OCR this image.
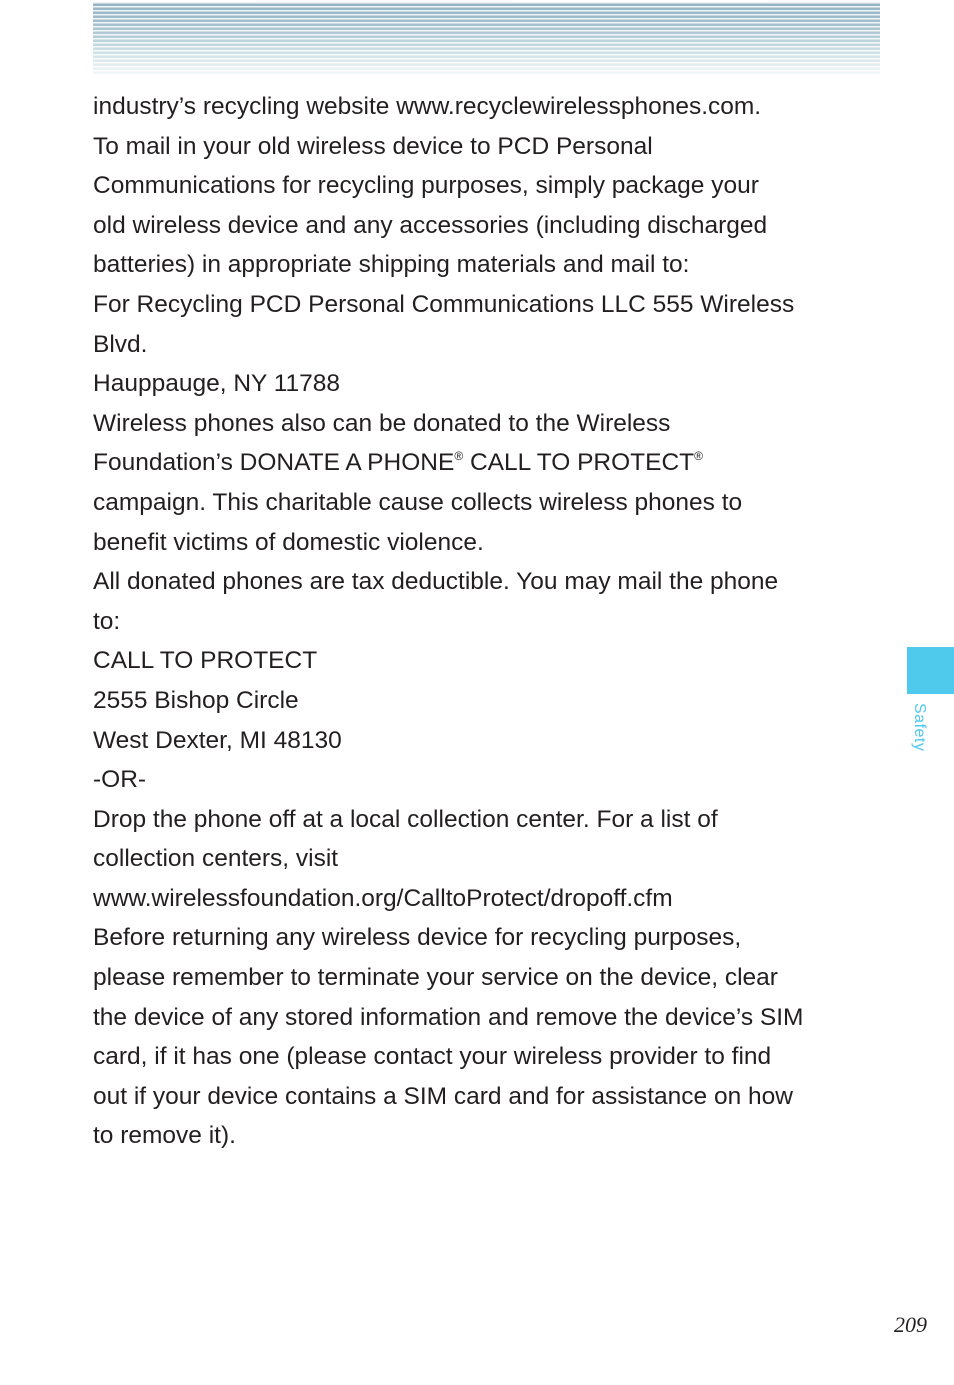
industry’s recycling website www.recyclewirelessphones.com.
To mail in your old wireless device to PCD Personal
Communications for recycling purposes, simply package your
old wireless device and any accessories (including discharged
batteries) in appropriate shipping materials and mail to:
For Recycling PCD Personal Communications LLC 555 Wireless
Blvd.
Hauppauge, NY 11788
Wireless phones also can be donated to the Wireless
Foundation’s DONATE A PHONE® CALL TO PROTECT®
campaign. This charitable cause collects wireless phones to
benefit victims of domestic violence.
All donated phones are tax deductible. You may mail the phone
to:
CALL TO PROTECT
2555 Bishop Circle
West Dexter, MI 48130
-OR-
Drop the phone off at a local collection center. For a list of
collection centers, visit
www.wirelessfoundation.org/CalltoProtect/dropoff.cfm
Before returning any wireless device for recycling purposes,
please remember to terminate your service on the device, clear
the device of any stored information and remove the device’s SIM
card, if it has one (please contact your wireless provider to find
out if your device contains a SIM card and for assistance on how
to remove it).
Safety
209
